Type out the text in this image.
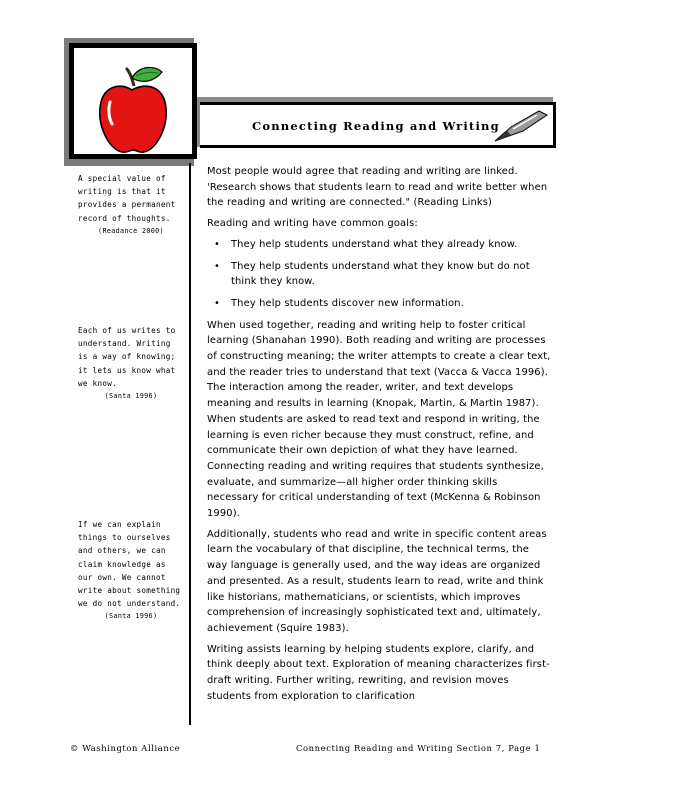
Connecting Reading and Writing
A special value of writing is that it provides a permanent record of thoughts.
(Readance 2000)
Each of us writes to understand. Writing is a way of knowing; it lets us know what we know.
(Santa 1996)
If we can explain things to ourselves and others, we can claim knowledge as our own. We cannot write about something we do not understand.
(Santa 1996)

Most people would agree that reading and writing are linked. 'Research shows that students learn to read and write better when the reading and writing are connected." (Reading Links)

Reading and writing have common goals:

• They help students understand what they already know.
• They help students understand what they know but do not think they know.
• They help students discover new information.

When used together, reading and writing help to foster critical learning (Shanahan 1990). Both reading and writing are processes of constructing meaning; the writer attempts to create a clear text, and the reader tries to understand that text (Vacca & Vacca 1996). The interaction among the reader, writer, and text develops meaning and results in learning (Knopak, Martin, & Martin 1987). When students are asked to read text and respond in writing, the learning is even richer because they must construct, refine, and communicate their own depiction of what they have learned. Connecting reading and writing requires that students synthesize, evaluate, and summarize—all higher order thinking skills necessary for critical understanding of text (McKenna & Robinson 1990).

Additionally, students who read and write in specific content areas learn the vocabulary of that discipline, the technical terms, the way language is generally used, and the way ideas are organized and presented. As a result, students learn to read, write and think like historians, mathematicians, or scientists, which improves comprehension of increasingly sophisticated text and, ultimately, achievement (Squire 1983).

Writing assists learning by helping students explore, clarify, and think deeply about text. Exploration of meaning characterizes first-draft writing. Further writing, rewriting, and revision moves students from exploration to clarification

© Washington Alliance	Connecting Reading and Writing Section 7, Page 1
